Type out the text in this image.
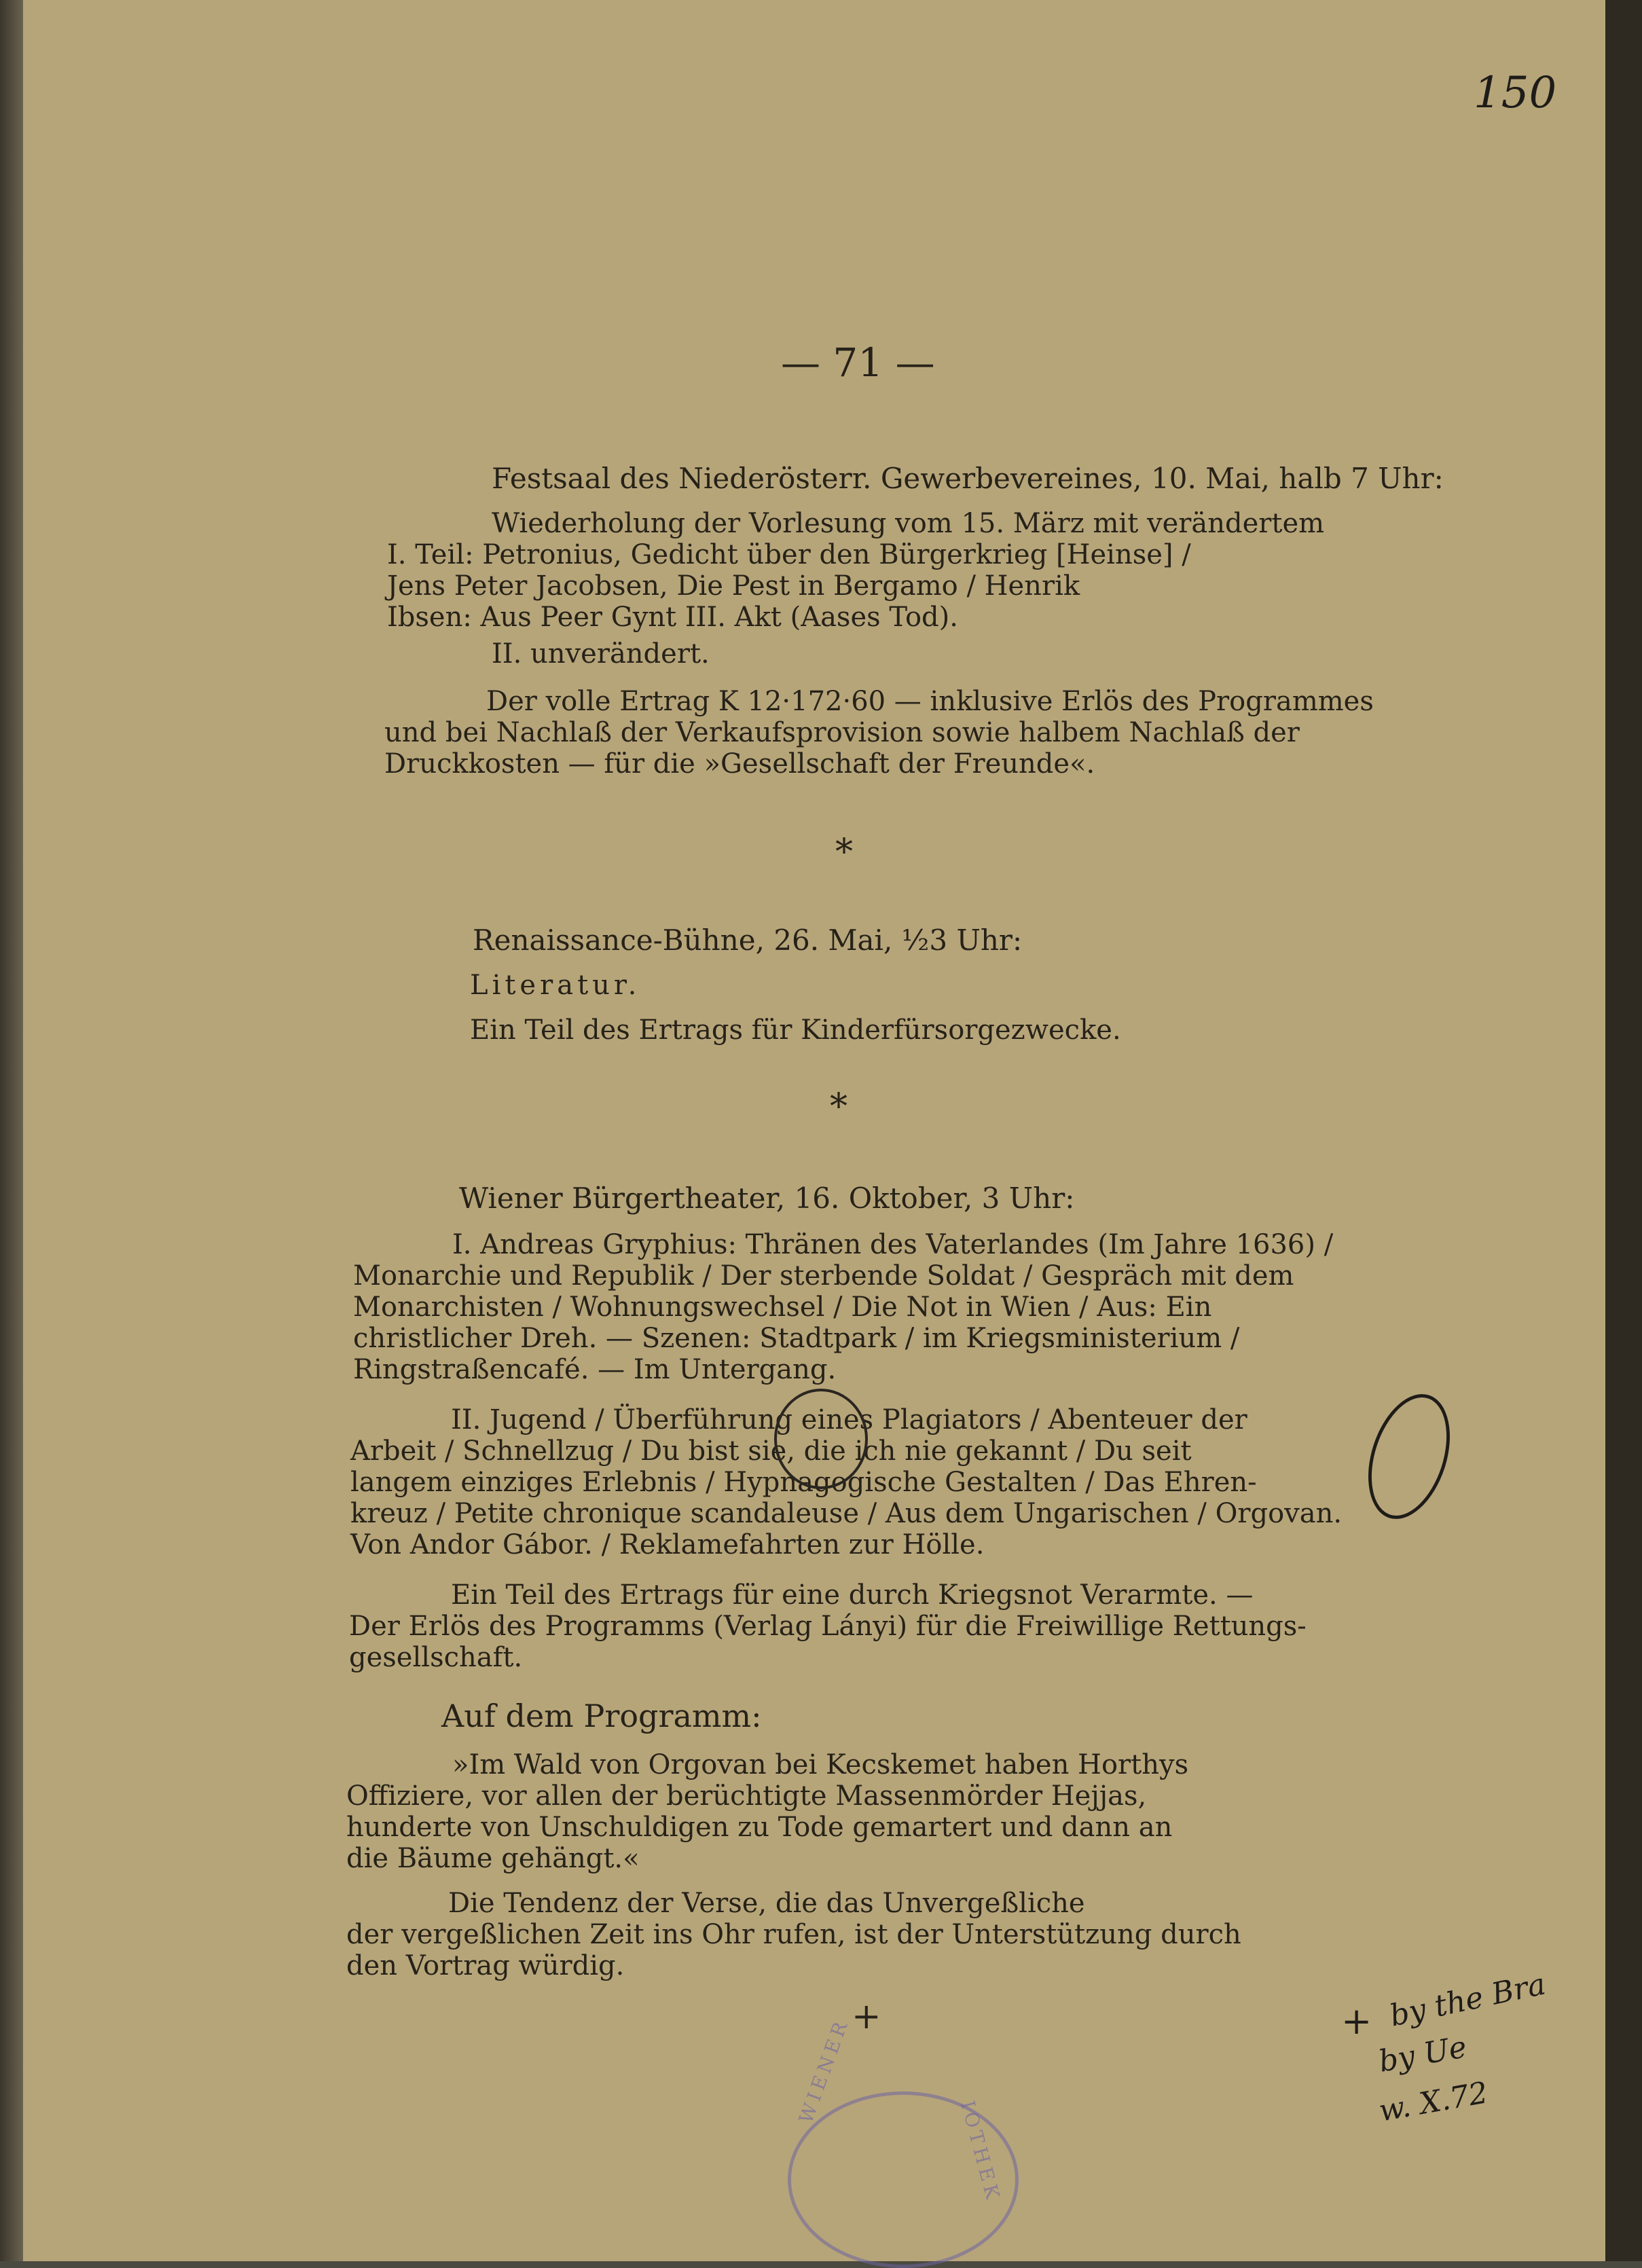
150
— 71 —
Festsaal des Niederösterr. Gewerbevereines, 10. Mai, halb 7 Uhr:
Wiederholung der Vorlesung vom 15. März mit verändertem
I. Teil: Petronius, Gedicht über den Bürgerkrieg [Heinse] /
Jens Peter Jacobsen, Die Pest in Bergamo / Henrik
Ibsen: Aus Peer Gynt III. Akt (Aases Tod).
II. unverändert.
Der volle Ertrag K 12·172·60 — inklusive Erlös des Programmes
und bei Nachlaß der Verkaufsprovision sowie halbem Nachlaß der
Druckkosten — für die »Gesellschaft der Freunde«.
*
Renaissance-Bühne, 26. Mai, ½3 Uhr:
Literatur.
Ein Teil des Ertrags für Kinderfürsorgezwecke.
*
Wiener Bürgertheater, 16. Oktober, 3 Uhr:
I. Andreas Gryphius: Thränen des Vaterlandes (Im Jahre 1636) /
Monarchie und Republik / Der sterbende Soldat / Gespräch mit dem
Monarchisten / Wohnungswechsel / Die Not in Wien / Aus: Ein
christlicher Dreh. — Szenen: Stadtpark / im Kriegsministerium /
Ringstraßencafé. — Im Untergang.
II. Jugend / Überführung eines Plagiators / Abenteuer der
Arbeit / Schnellzug / Du bist sie, die ich nie gekannt / Du seit
langem einziges Erlebnis / Hypnagogische Gestalten / Das Ehren-
kreuz / Petite chronique scandaleuse / Aus dem Ungarischen / Orgovan.
Von Andor Gábor. / Reklamefahrten zur Hölle.
Ein Teil des Ertrags für eine durch Kriegsnot Verarmte. —
Der Erlös des Programms (Verlag Lányi) für die Freiwillige Rettungs-
gesellschaft.
Auf dem Programm:
»Im Wald von Orgovan bei Kecskemet haben Horthys
Offiziere, vor allen der berüchtigte Massenmörder Hejjas,
hunderte von Unschuldigen zu Tode gemartert und dann an
die Bäume gehängt.«
Die Tendenz der Verse, die das Unvergeßliche
der vergeßlichen Zeit ins Ohr rufen, ist der Unterstützung durch
den Vortrag würdig.
+	+ by the Bra
by Ue
w. X.72
WIENER
IOTHEK
